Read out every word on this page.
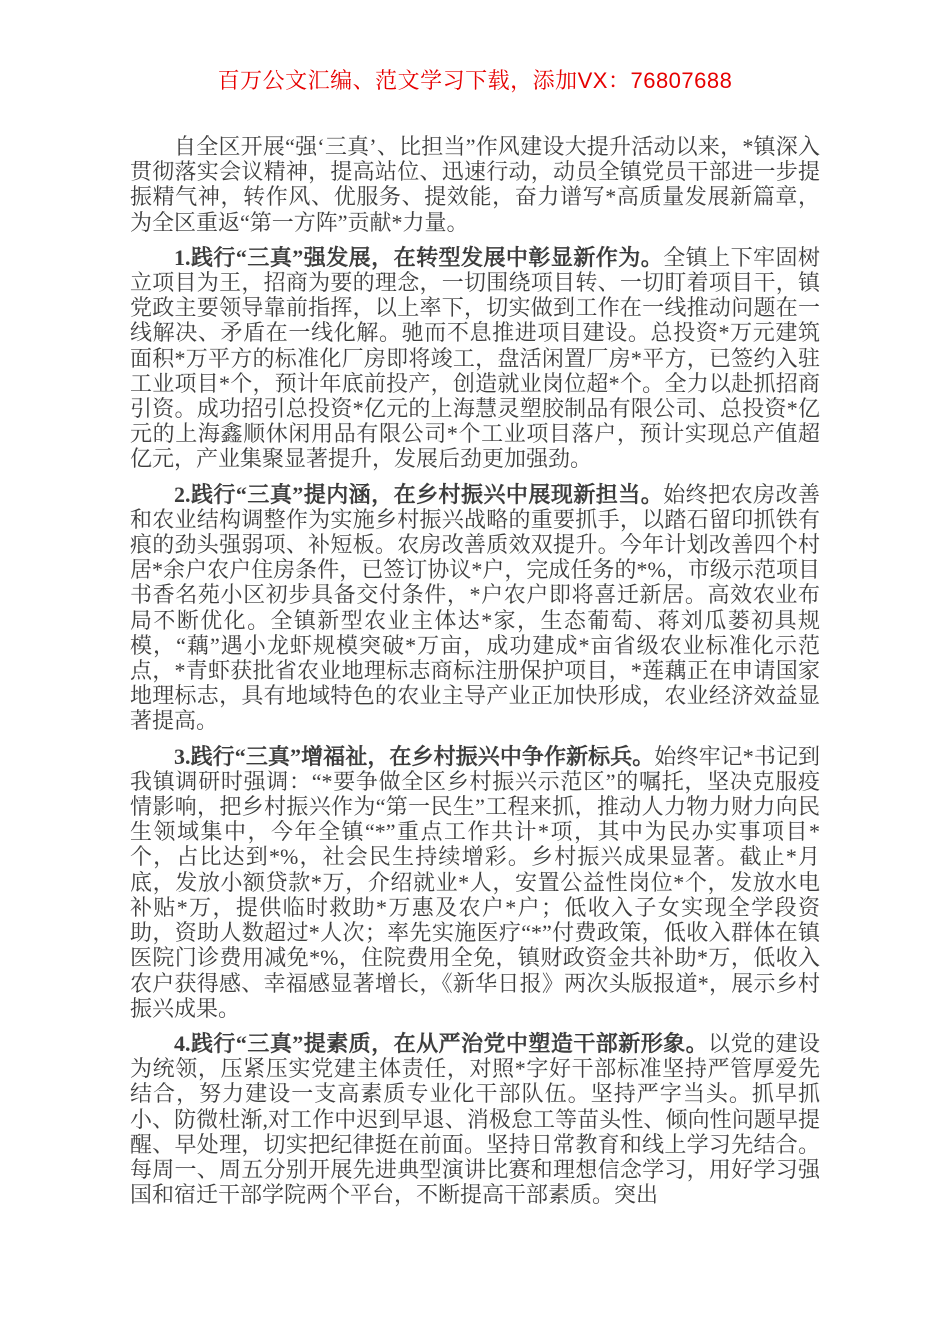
百万公文汇编、范文学习下载，添加VX：76807688

自全区开展“强‘三真’、比担当”作风建设大提升活动以来，*镇深入贯彻落实会议精神，提高站位、迅速行动，动员全镇党员干部进一步提振精气神，转作风、优服务、提效能，奋力谱写*高质量发展新篇章，为全区重返“第一方阵”贡献*力量。

1.践行“三真”强发展，在转型发展中彰显新作为。全镇上下牢固树立项目为王，招商为要的理念，一切围绕项目转、一切盯着项目干，镇党政主要领导靠前指挥，以上率下，切实做到工作在一线推动问题在一线解决、矛盾在一线化解。驰而不息推进项目建设。总投资*万元建筑面积*万平方的标准化厂房即将竣工，盘活闲置厂房*平方，已签约入驻工业项目*个，预计年底前投产，创造就业岗位超*个。全力以赴抓招商引资。成功招引总投资*亿元的上海慧灵塑胶制品有限公司、总投资*亿元的上海鑫顺休闲用品有限公司*个工业项目落户，预计实现总产值超亿元，产业集聚显著提升，发展后劲更加强劲。

2.践行“三真”提内涵，在乡村振兴中展现新担当。始终把农房改善和农业结构调整作为实施乡村振兴战略的重要抓手，以踏石留印抓铁有痕的劲头强弱项、补短板。农房改善质效双提升。今年计划改善四个村居*余户农户住房条件，已签订协议*户，完成任务的*%，市级示范项目书香名苑小区初步具备交付条件，*户农户即将喜迁新居。高效农业布局不断优化。全镇新型农业主体达*家，生态葡萄、蒋刘瓜蒌初具规模，“藕”遇小龙虾规模突破*万亩，成功建成*亩省级农业标准化示范点，*青虾获批省农业地理标志商标注册保护项目，*莲藕正在申请国家地理标志，具有地域特色的农业主导产业正加快形成，农业经济效益显著提高。

3.践行“三真”增福祉，在乡村振兴中争作新标兵。始终牢记*书记到我镇调研时强调：“*要争做全区乡村振兴示范区”的嘱托，坚决克服疫情影响，把乡村振兴作为“第一民生”工程来抓，推动人力物力财力向民生领域集中，今年全镇“*”重点工作共计*项，其中为民办实事项目*个，占比达到*%，社会民生持续增彩。乡村振兴成果显著。截止*月底，发放小额贷款*万，介绍就业*人，安置公益性岗位*个，发放水电补贴*万，提供临时救助*万惠及农户*户；低收入子女实现全学段资助，资助人数超过*人次；率先实施医疗“*”付费政策，低收入群体在镇医院门诊费用减免*%，住院费用全免，镇财政资金共补助*万，低收入农户获得感、幸福感显著增长，《新华日报》两次头版报道*，展示乡村振兴成果。

4.践行“三真”提素质，在从严治党中塑造干部新形象。以党的建设为统领，压紧压实党建主体责任，对照*字好干部标准坚持严管厚爱先结合，努力建设一支高素质专业化干部队伍。坚持严字当头。抓早抓小、防微杜渐,对工作中迟到早退、消极怠工等苗头性、倾向性问题早提醒、早处理，切实把纪律挺在前面。坚持日常教育和线上学习先结合。每周一、周五分别开展先进典型演讲比赛和理想信念学习，用好学习强国和宿迁干部学院两个平台，不断提高干部素质。突出
